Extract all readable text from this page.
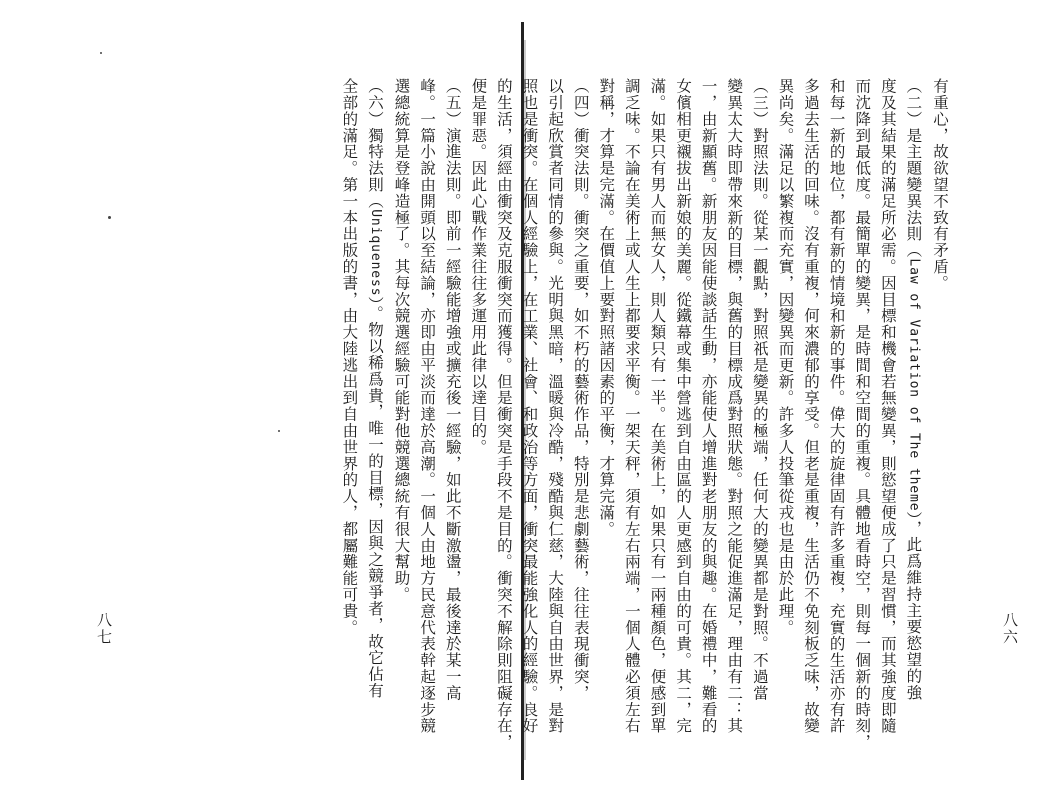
有重心，故欲望不致有矛盾。
（二）是主題變異法則（Law of Variation of The theme），此爲維持主要慾望的強
度及其結果的滿足所必需。因目標和機會若無變異，則慾望便成了只是習慣，而其強度即隨
而沈降到最低度。最簡單的變異，是時間和空間的重複。具體地看時空，則每一個新的時刻，
和每一新的地位，都有新的情境和新的事件。偉大的旋律固有許多重複，充實的生活亦有許
多過去生活的回味。沒有重複，何來濃郁的享受。但老是重複，生活仍不免刻板乏味，故變
異尚矣。滿足以繁複而充實，因變異而更新。許多人投筆從戎也是由於此理。
（三）對照法則。從某一觀點，對照祇是變異的極端，任何大的變異都是對照。不過當
變異太大時即帶來新的目標，與舊的目標成爲對照狀態。對照之能促進滿足，理由有二：其
一，由新顯舊。新朋友因能使談話生動，亦能使人增進對老朋友的與趣。在婚禮中，難看的
女儐相更襯拔出新娘的美麗。從鐵幕或集中營逃到自由區的人更感到自由的可貴。其二，完
滿。如果只有男人而無女人，則人類只有一半。在美術上，如果只有一兩種顏色，便感到單
調乏味。不論在美術上或人生上都要求平衡。一架天秤，須有左右兩端，一個人體必須左右
對稱，才算是完滿。在價值上要對照諸因素的平衡，才算完滿。
（四）衝突法則。衝突之重要，如不朽的藝術作品，特別是悲劇藝術，往往表現衝突，
以引起欣賞者同情的參與。光明與黑暗，溫暖與冷酷，殘酷與仁慈，大陸與自由世界，是對
照也是衝突。在個人經驗上，在工業、社會、和政治等方面，衝突最能強化人的經驗。良好
的生活，須經由衝突及克服衝突而獲得。但是衝突是手段不是目的。衝突不解除則阻礙存在，
便是罪惡。因此心戰作業往往多運用此律以達目的。
（五）演進法則。即前一經驗能增強或擴充後一經驗，如此不斷激盪，最後達於某一高
峰。一篇小說由開頭以至結論，亦即由平淡而達於高潮。一個人由地方民意代表幹起逐步競
選總統算是登峰造極了。其每次競選經驗可能對他競選總統有很大幫助。
（六）獨特法則（Uniqueness）。物以稀爲貴，唯一的目標，因與之競爭者，故它佔有
全部的滿足。第一本出版的書，由大陸逃出到自由世界的人，都屬難能可貴。	八六
八七
